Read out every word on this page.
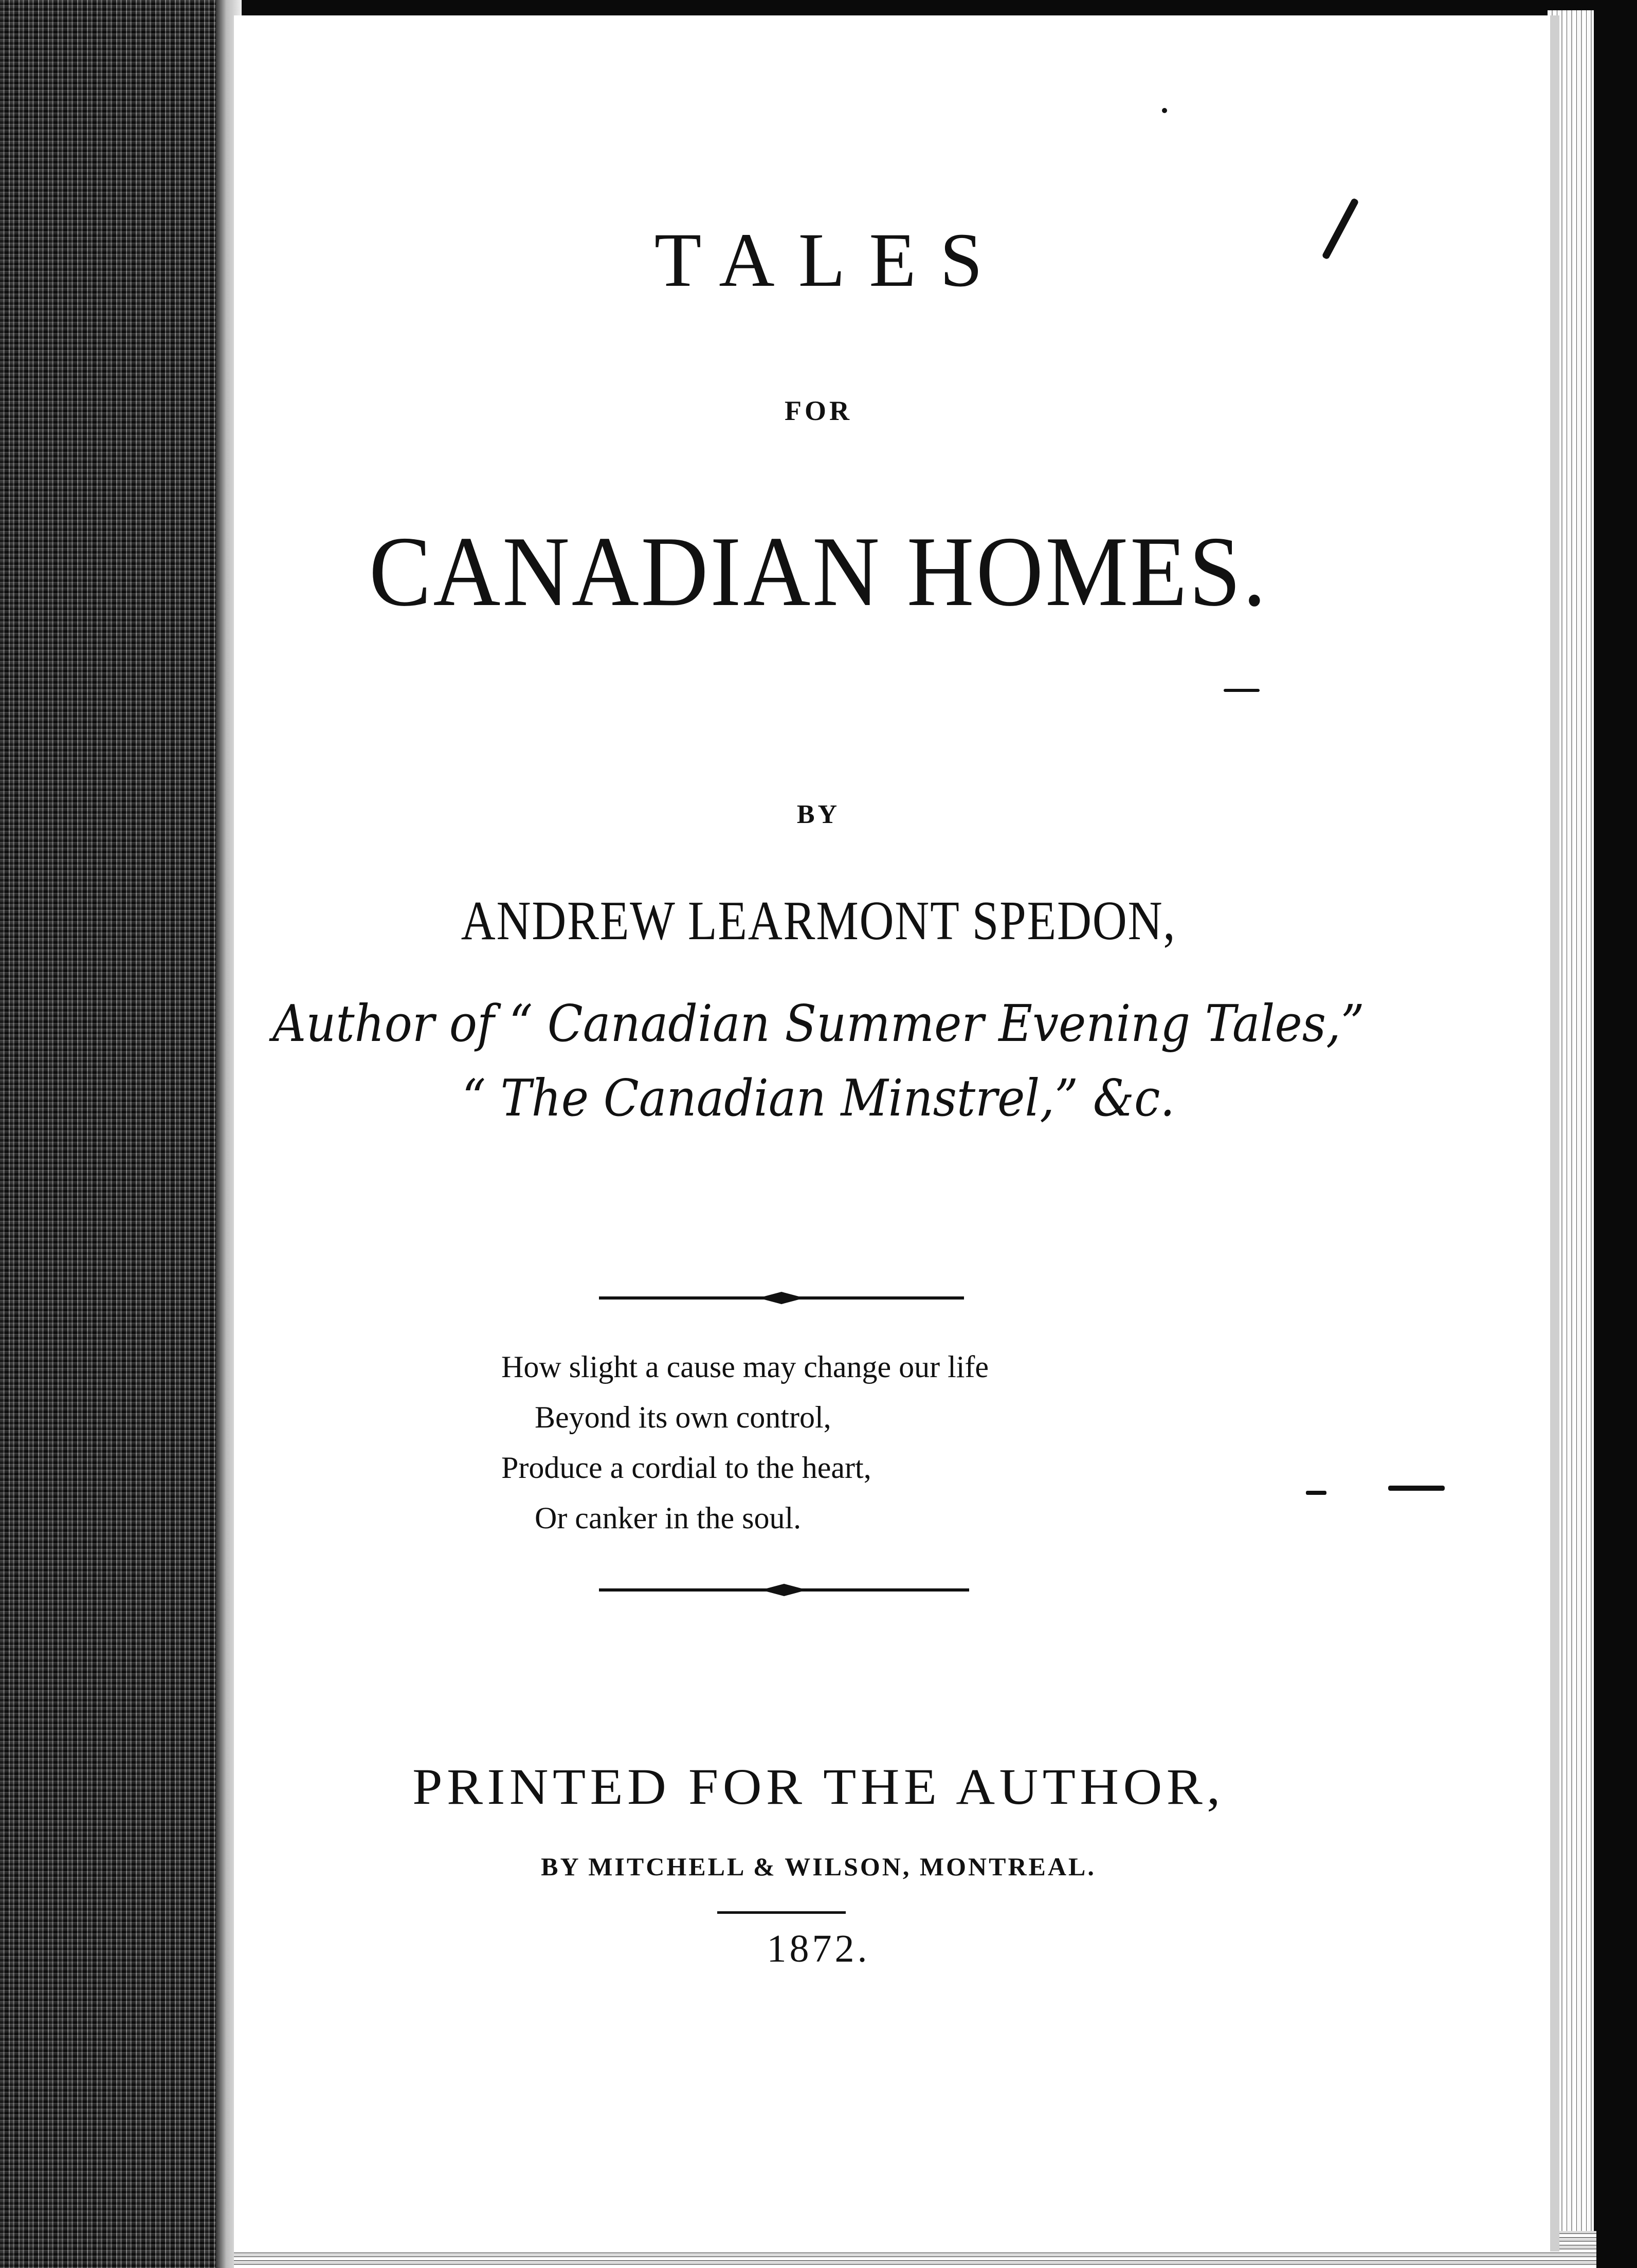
TALES
FOR
CANADIAN HOMES.
BY
ANDREW LEARMONT SPEDON,
Author of “ Canadian Summer Evening Tales,”
“ The Canadian Minstrel,” &c.
How slight a cause may change our life
Beyond its own control,
Produce a cordial to the heart,
Or canker in the soul.
PRINTED FOR THE AUTHOR,
BY MITCHELL & WILSON, MONTREAL.
1872.
